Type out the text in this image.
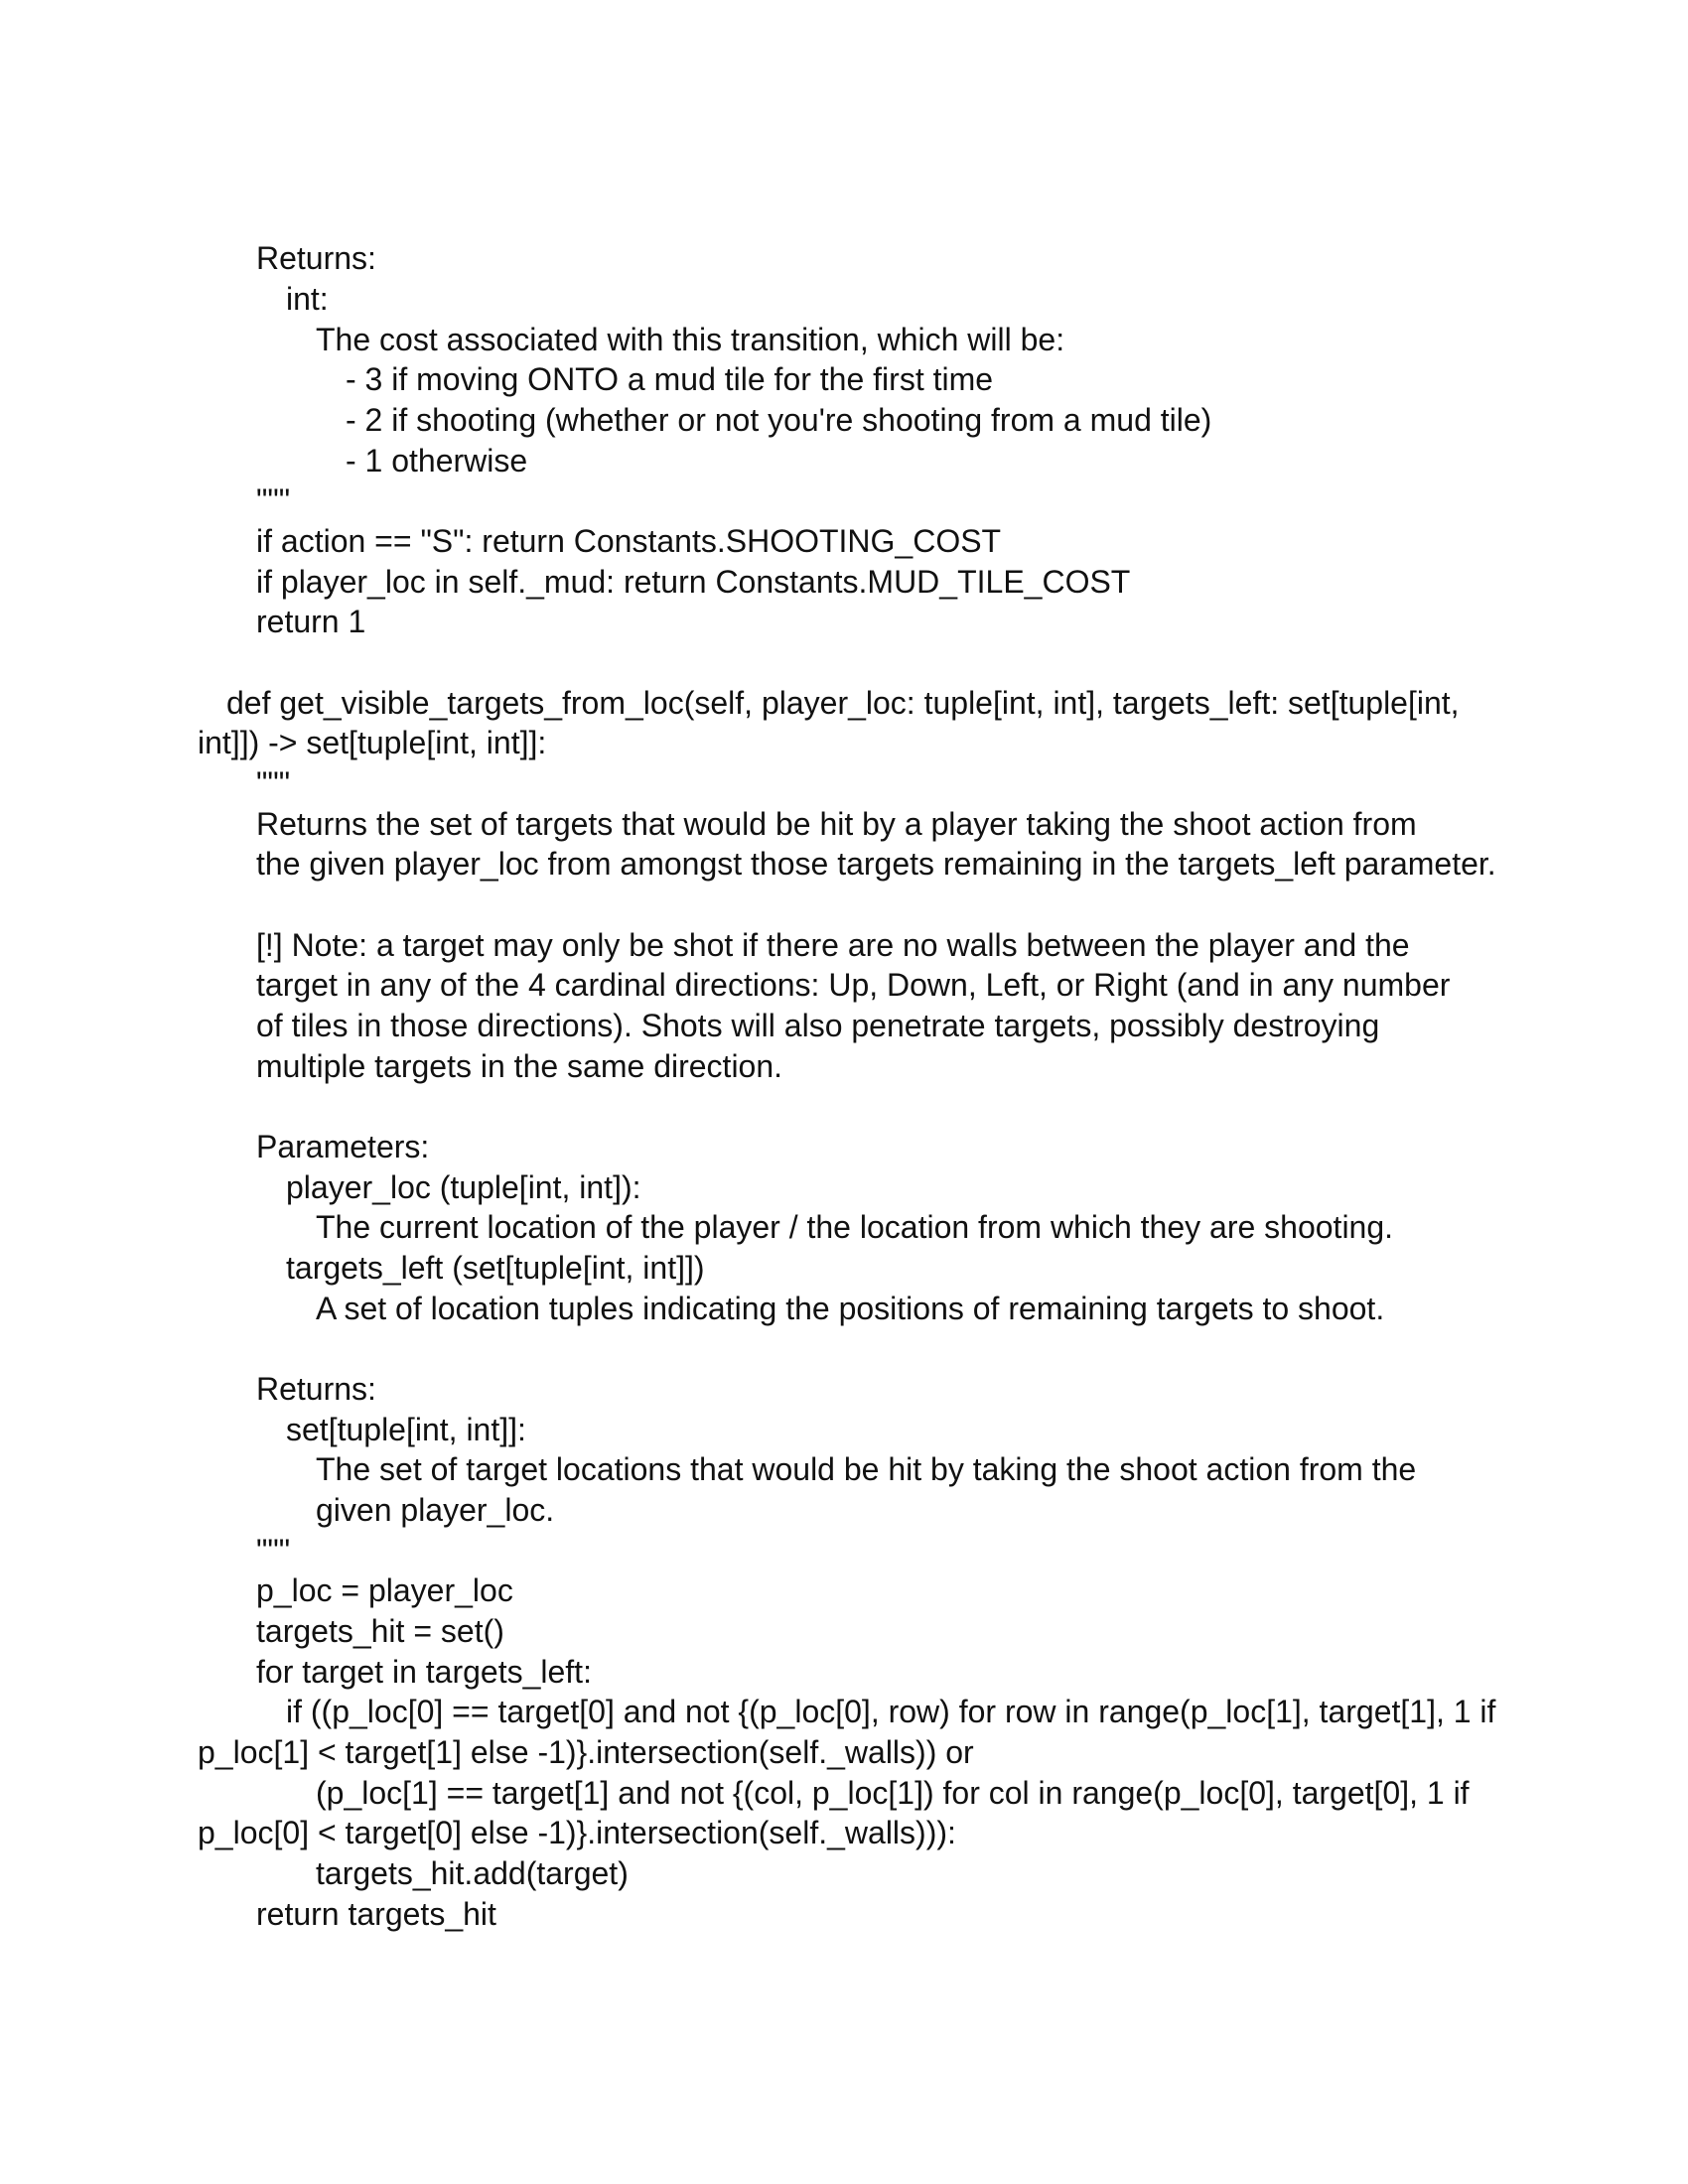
Returns:
int:
The cost associated with this transition, which will be:
- 3 if moving ONTO a mud tile for the first time
- 2 if shooting (whether or not you're shooting from a mud tile)
- 1 otherwise
"""
if action == "S": return Constants.SHOOTING_COST
if player_loc in self._mud: return Constants.MUD_TILE_COST
return 1
def get_visible_targets_from_loc(self, player_loc: tuple[int, int], targets_left: set[tuple[int,
int]]) -> set[tuple[int, int]]:
"""
Returns the set of targets that would be hit by a player taking the shoot action from
the given player_loc from amongst those targets remaining in the targets_left parameter.
[!] Note: a target may only be shot if there are no walls between the player and the
target in any of the 4 cardinal directions: Up, Down, Left, or Right (and in any number
of tiles in those directions). Shots will also penetrate targets, possibly destroying
multiple targets in the same direction.
Parameters:
player_loc (tuple[int, int]):
The current location of the player / the location from which they are shooting.
targets_left (set[tuple[int, int]])
A set of location tuples indicating the positions of remaining targets to shoot.
Returns:
set[tuple[int, int]]:
The set of target locations that would be hit by taking the shoot action from the
given player_loc.
"""
p_loc = player_loc
targets_hit = set()
for target in targets_left:
if ((p_loc[0] == target[0] and not {(p_loc[0], row) for row in range(p_loc[1], target[1], 1 if
p_loc[1] < target[1] else -1)}.intersection(self._walls)) or
(p_loc[1] == target[1] and not {(col, p_loc[1]) for col in range(p_loc[0], target[0], 1 if
p_loc[0] < target[0] else -1)}.intersection(self._walls))):
targets_hit.add(target)
return targets_hit
